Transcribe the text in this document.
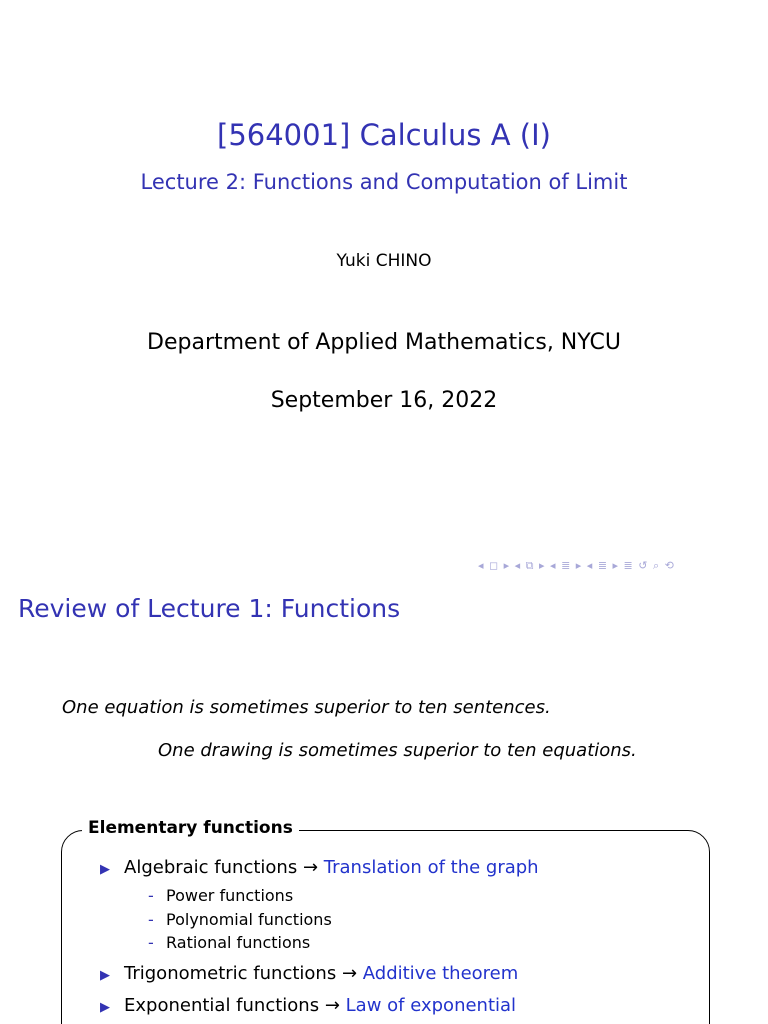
[564001] Calculus A (I)
Lecture 2: Functions and Computation of Limit
Yuki CHINO
Department of Applied Mathematics, NYCU
September 16, 2022
◂ ◻ ▸ ◂ ⧉ ▸ ◂ ≣ ▸ ◂ ≣ ▸ ≣ ↺ ⌕ ⟲
Review of Lecture 1: Functions
One equation is sometimes superior to ten sentences.
One drawing is sometimes superior to ten equations.
Elementary functions
▶ Algebraic functions → Translation of the graph
- Power functions
- Polynomial functions
- Rational functions
▶ Trigonometric functions → Additive theorem
▶ Exponential functions → Law of exponential
